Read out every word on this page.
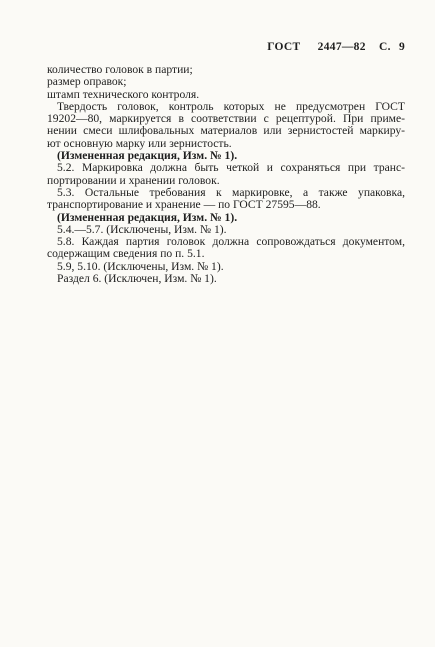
ГОСТ 2447—82 С. 9
количество головок в партии;
размер оправок;
штамп технического контроля.
Твердость головок, контроль которых не предусмотрен ГОСТ
19202—80, маркируется в соответствии с рецептурой. При приме-
нении смеси шлифовальных материалов или зернистостей маркиру-
ют основную марку или зернистость.
(Измененная редакция, Изм. № 1).
5.2. Маркировка должна быть четкой и сохраняться при транс-
портировании и хранении головок.
5.3. Остальные требования к маркировке, а также упаковка,
транспортирование и хранение — по ГОСТ 27595—88.
(Измененная редакция, Изм. № 1).
5.4.—5.7. (Исключены, Изм. № 1).
5.8. Каждая партия головок должна сопровождаться документом,
содержащим сведения по п. 5.1.
5.9, 5.10. (Исключены, Изм. № 1).
Раздел 6. (Исключен, Изм. № 1).
